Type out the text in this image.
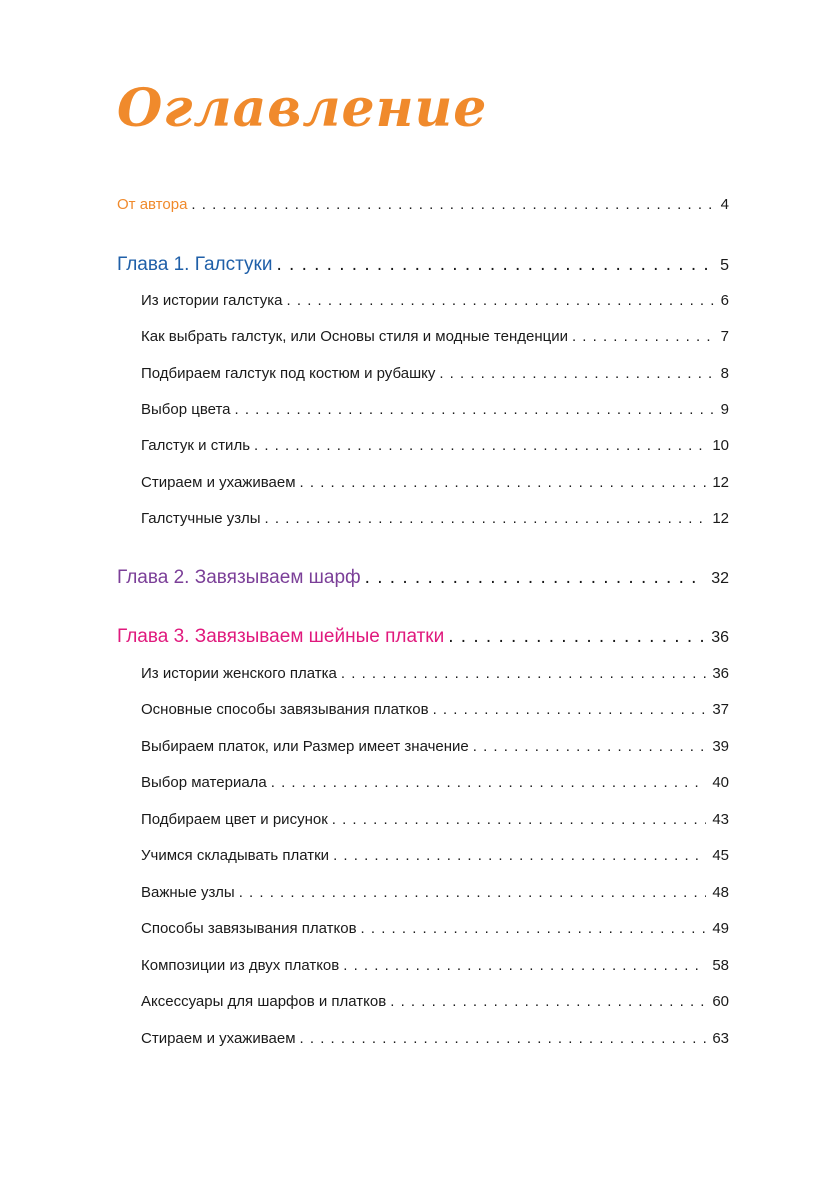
Оглавление
От автора . . .	4
Глава 1. Галстуки . . .	5
Из истории галстука . . .	6
Как выбрать галстук, или Основы стиля и модные тенденции . . .	7
Подбираем галстук под костюм и рубашку . . .	8
Выбор цвета . . .	9
Галстук и стиль . . .	10
Стираем и ухаживаем . . .	12
Галстучные узлы . . .	12
Глава 2. Завязываем шарф . . .	32
Глава 3. Завязываем шейные платки . . .	36
Из истории женского платка . . .	36
Основные способы завязывания платков . . .	37
Выбираем платок, или Размер имеет значение . . .	39
Выбор материала . . .	40
Подбираем цвет и рисунок . . .	43
Учимся складывать платки . . .	45
Важные узлы . . .	48
Способы завязывания платков . . .	49
Композиции из двух платков . . .	58
Аксессуары для шарфов и платков . . .	60
Стираем и ухаживаем . . .	63
